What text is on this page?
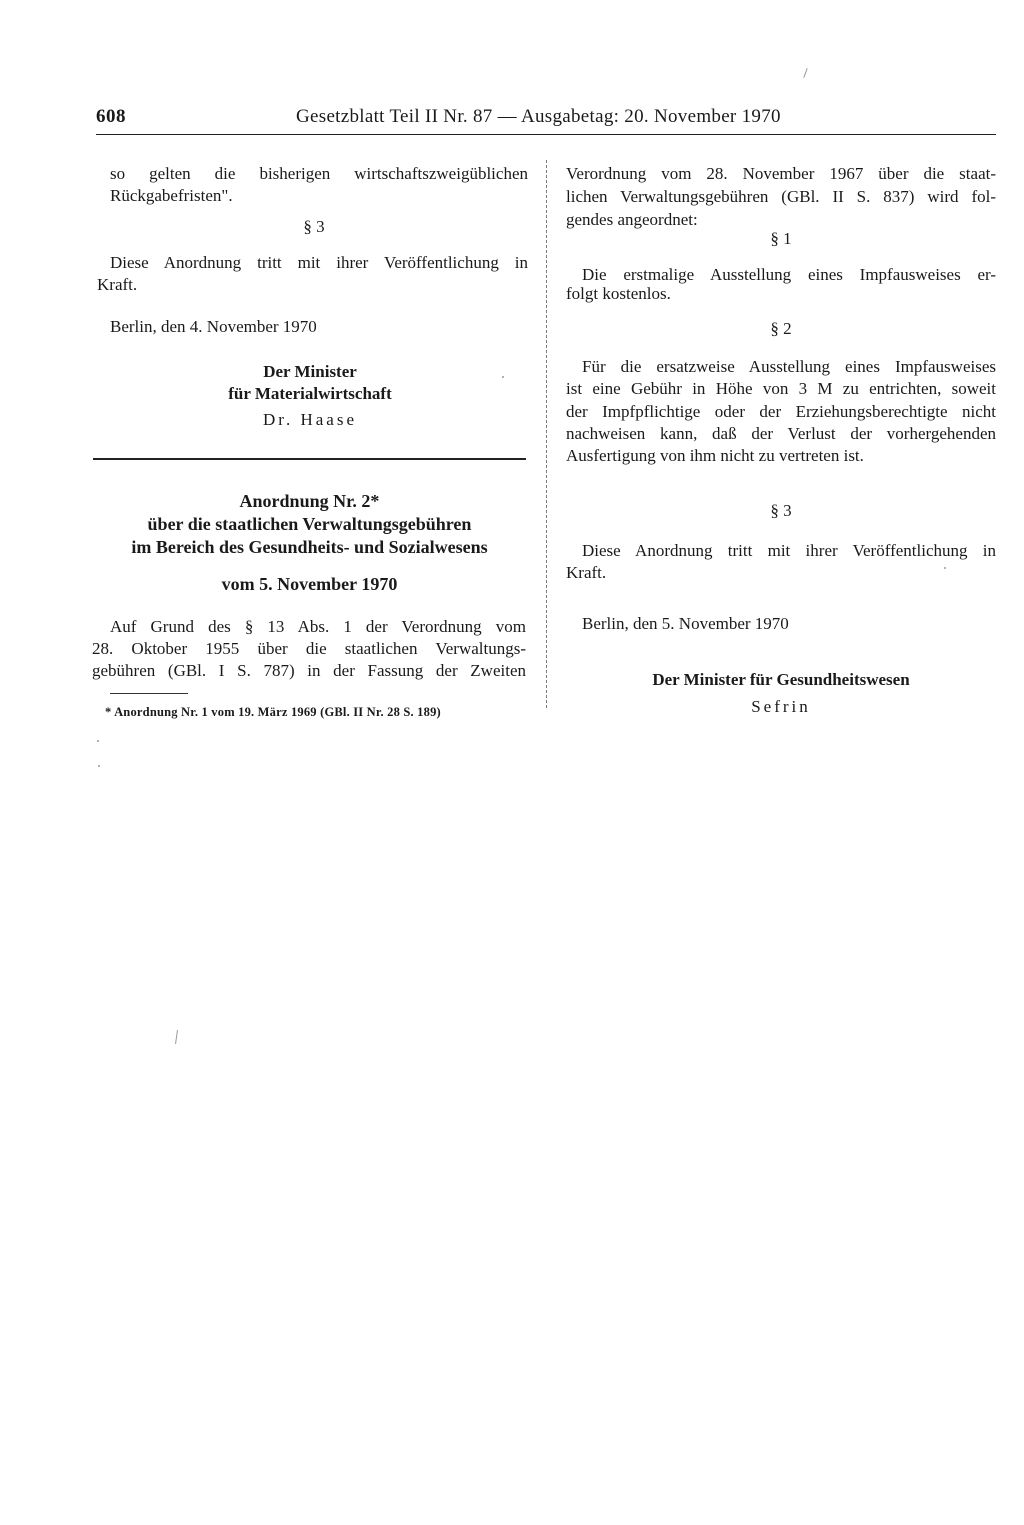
608	Gesetzblatt Teil II Nr. 87 — Ausgabetag: 20. November 1970
so gelten die bisherigen wirtschaftszweigüblichen
Rückgabefristen".
§ 3
Diese Anordnung tritt mit ihrer Veröffentlichung in
Kraft.
Berlin, den 4. November 1970
Der Minister
für Materialwirtschaft
Dr. Haase
Anordnung Nr. 2*
über die staatlichen Verwaltungsgebühren
im Bereich des Gesundheits- und Sozialwesens
vom 5. November 1970
Auf Grund des § 13 Abs. 1 der Verordnung vom
28. Oktober 1955 über die staatlichen Verwaltungs-
gebühren (GBl. I S. 787) in der Fassung der Zweiten
* Anordnung Nr. 1 vom 19. März 1969 (GBl. II Nr. 28 S. 189)
Verordnung vom 28. November 1967 über die staat-
lichen Verwaltungsgebühren (GBl. II S. 837) wird fol-
gendes angeordnet:
§ 1
Die erstmalige Ausstellung eines Impfausweises er-
folgt kostenlos.
§ 2
Für die ersatzweise Ausstellung eines Impfausweises
ist eine Gebühr in Höhe von 3 M zu entrichten, soweit
der Impfpflichtige oder der Erziehungsberechtigte nicht
nachweisen kann, daß der Verlust der vorhergehenden
Ausfertigung von ihm nicht zu vertreten ist.
§ 3
Diese Anordnung tritt mit ihrer Veröffentlichung in
Kraft.
Berlin, den 5. November 1970
Der Minister für Gesundheitswesen
Sefrin
